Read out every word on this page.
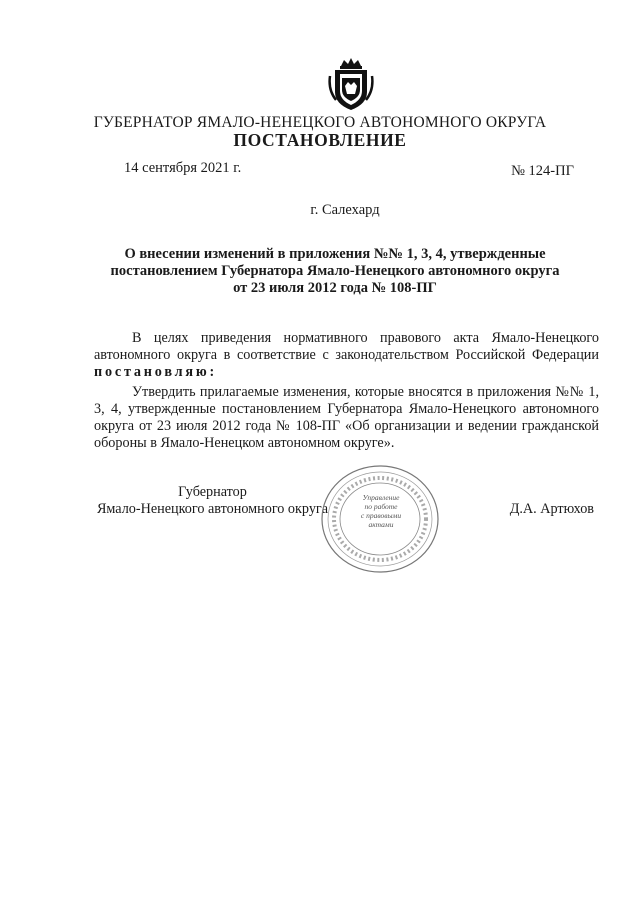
ГУБЕРНАТОР ЯМАЛО-НЕНЕЦКОГО АВТОНОМНОГО ОКРУГА
ПОСТАНОВЛЕНИЕ
14 сентября 2021 г.	№ 124-ПГ
г. Салехард
О внесении изменений в приложения №№ 1, 3, 4, утвержденные
постановлением Губернатора Ямало-Ненецкого автономного округа
от 23 июля 2012 года № 108-ПГ
В целях приведения нормативного правового акта Ямало-Ненецкого автономного округа в соответствие с законодательством Российской Федерации постановляю:
Утвердить прилагаемые изменения, которые вносятся в приложения №№ 1, 3, 4, утвержденные постановлением Губернатора Ямало-Ненецкого автономного округа от 23 июля 2012 года № 108-ПГ «Об организации и ведении гражданской обороны в Ямало-Ненецком автономном округе».
Губернатор
Ямало-Ненецкого автономного округа	Д.А. Артюхов
Управление
по работе
с правовыми
актами
